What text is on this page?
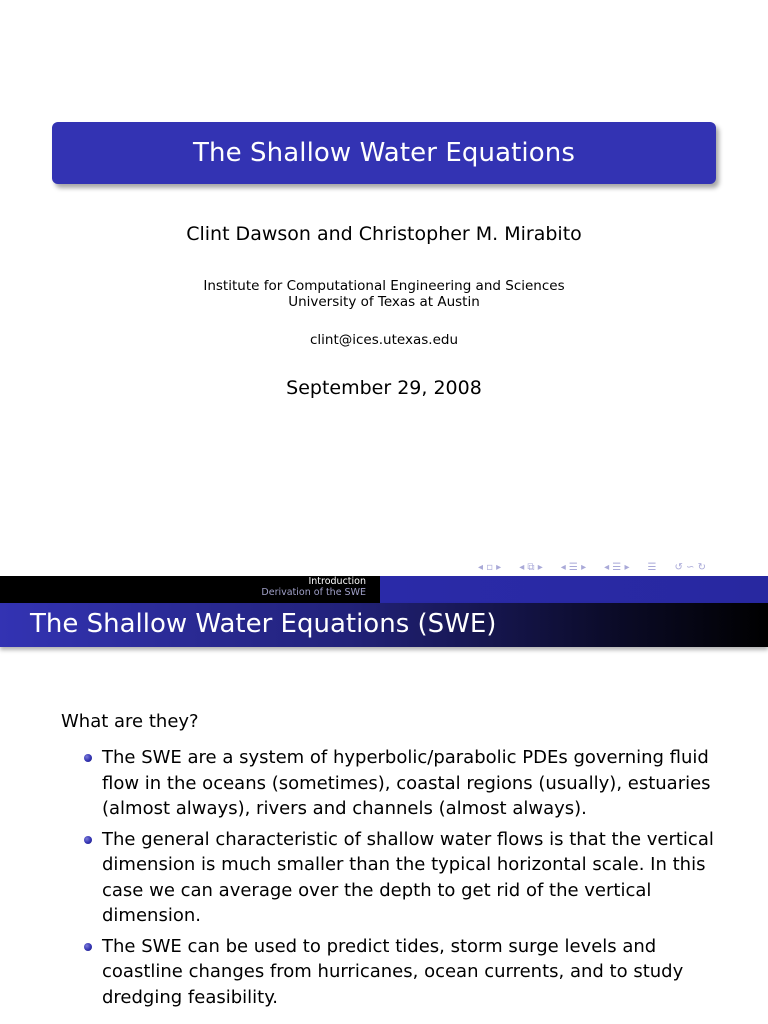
The Shallow Water Equations
Clint Dawson and Christopher M. Mirabito
Institute for Computational Engineering and Sciences
University of Texas at Austin
clint@ices.utexas.edu
September 29, 2008
◂ ▫ ▸ ◂ ⧉ ▸ ◂ ☰ ▸ ◂ ☰ ▸ ☰ ↺ ∽ ↻
Introduction
Derivation of the SWE
The Shallow Water Equations (SWE)
What are they?
The SWE are a system of hyperbolic/parabolic PDEs governing fluid flow in the oceans (sometimes), coastal regions (usually), estuaries (almost always), rivers and channels (almost always).
The general characteristic of shallow water flows is that the vertical dimension is much smaller than the typical horizontal scale. In this case we can average over the depth to get rid of the vertical dimension.
The SWE can be used to predict tides, storm surge levels and coastline changes from hurricanes, ocean currents, and to study dredging feasibility.
